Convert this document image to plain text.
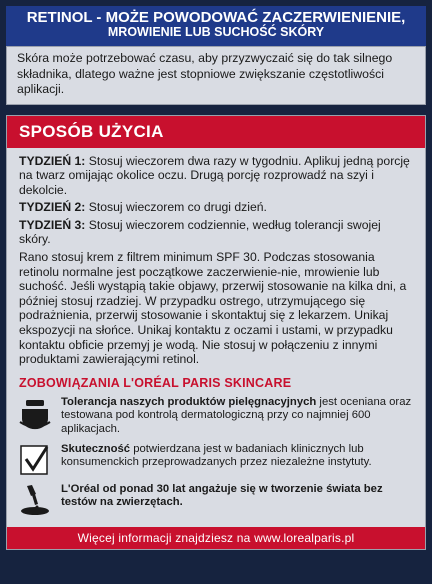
RETINOL - MOŻE POWODOWAĆ ZACZERWIENIENIE,
MROWIENIE LUB SUCHOŚĆ SKÓRY
Skóra może potrzebować czasu, aby przyzwyczaić się do tak silnego składnika, dlatego ważne jest stopniowe zwiększanie częstotliwości aplikacji.
SPOSÓB UŻYCIA

TYDZIEŃ 1: Stosuj wieczorem dwa razy w tygodniu. Aplikuj jedną porcję na twarz omijając okolice oczu. Drugą porcję rozprowadź na szyi i dekolcie.

TYDZIEŃ 2: Stosuj wieczorem co drugi dzień.

TYDZIEŃ 3: Stosuj wieczorem codziennie, według tolerancji swojej skóry.

Rano stosuj krem z filtrem minimum SPF 30. Podczas stosowania retinolu normalne jest początkowe zaczerwienie-nie, mrowienie lub suchość. Jeśli wystąpią takie objawy, przerwij stosowanie na kilka dni, a później stosuj rzadziej. W przypadku ostrego, utrzymującego się podrażnienia, przerwij stosowanie i skontaktuj się z lekarzem. Unikaj ekspozycji na słońce. Unikaj kontaktu z oczami i ustami, w przypadku kontaktu obficie przemyj je wodą. Nie stosuj w połączeniu z innymi produktami zawierającymi retinol.

ZOBOWIĄZANIA L'ORÉAL PARIS SKINCARE
Tolerancja naszych produktów pielęgnacyjnych jest oceniana oraz testowana pod kontrolą dermatologiczną przy co najmniej 600 aplikacjach.
Skuteczność potwierdzana jest w badaniach klinicznych lub konsumenckich przeprowadzanych przez niezależne instytuty.
L'Oréal od ponad 30 lat angażuje się w tworzenie świata bez testów na zwierzętach.
Więcej informacji znajdziesz na www.lorealparis.pl
